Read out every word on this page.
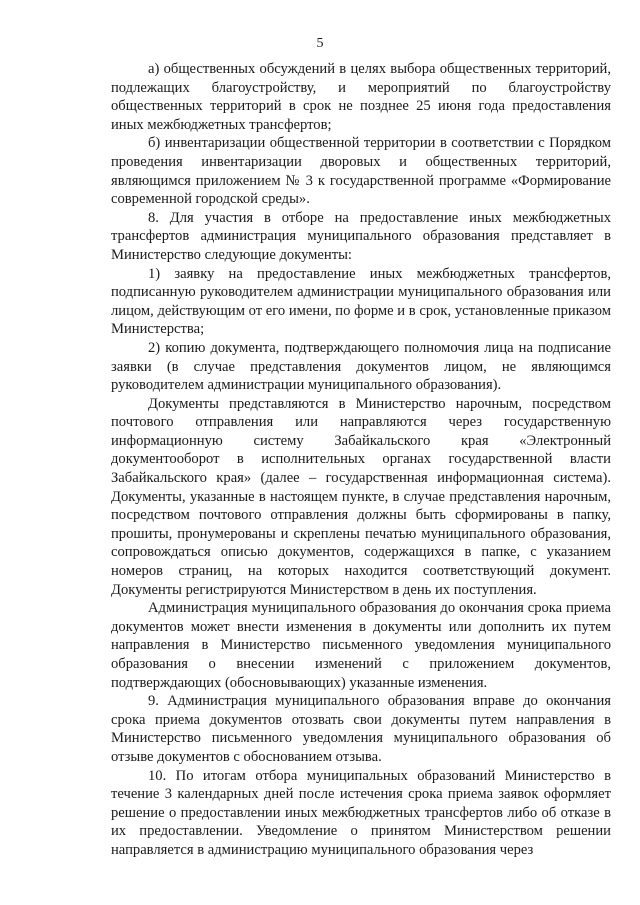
5

а) общественных обсуждений в целях выбора общественных территорий, подлежащих благоустройству, и мероприятий по благоустройству общественных территорий в срок не позднее 25 июня года предоставления иных межбюджетных трансфертов;

б) инвентаризации общественной территории в соответствии с Порядком проведения инвентаризации дворовых и общественных территорий, являющимся приложением № 3 к государственной программе «Формирование современной городской среды».

8. Для участия в отборе на предоставление иных межбюджетных трансфертов администрация муниципального образования представляет в Министерство следующие документы:

1) заявку на предоставление иных межбюджетных трансфертов, подписанную руководителем администрации муниципального образования или лицом, действующим от его имени, по форме и в срок, установленные приказом Министерства;

2) копию документа, подтверждающего полномочия лица на подписание заявки (в случае представления документов лицом, не являющимся руководителем администрации муниципального образования).

Документы представляются в Министерство нарочным, посредством почтового отправления или направляются через государственную информационную систему Забайкальского края «Электронный документооборот в исполнительных органах государственной власти Забайкальского края» (далее – государственная информационная система). Документы, указанные в настоящем пункте, в случае представления нарочным, посредством почтового отправления должны быть сформированы в папку, прошиты, пронумерованы и скреплены печатью муниципального образования, сопровождаться описью документов, содержащихся в папке, с указанием номеров страниц, на которых находится соответствующий документ. Документы регистрируются Министерством в день их поступления.

Администрация муниципального образования до окончания срока приема документов может внести изменения в документы или дополнить их путем направления в Министерство письменного уведомления муниципального образования о внесении изменений с приложением документов, подтверждающих (обосновывающих) указанные изменения.

9. Администрация муниципального образования вправе до окончания срока приема документов отозвать свои документы путем направления в Министерство письменного уведомления муниципального образования об отзыве документов с обоснованием отзыва.

10. По итогам отбора муниципальных образований Министерство в течение 3 календарных дней после истечения срока приема заявок оформляет решение о предоставлении иных межбюджетных трансфертов либо об отказе в их предоставлении. Уведомление о принятом Министерством решении направляется в администрацию муниципального образования через
